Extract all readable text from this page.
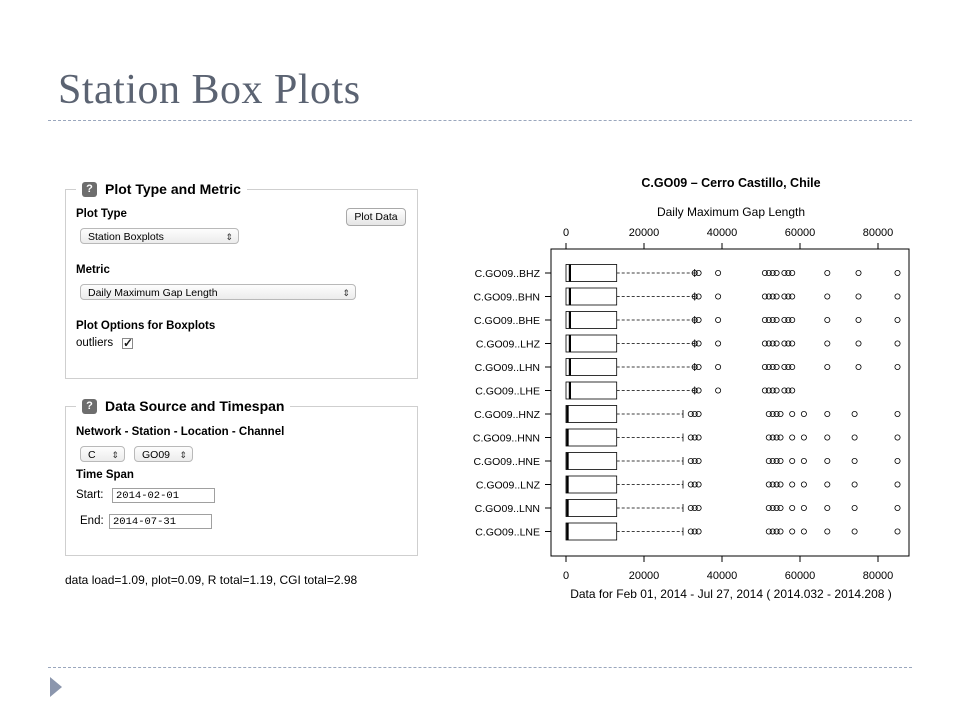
Station Box Plots
? Plot Type and Metric
Plot Type	Plot Data
Station Boxplots	⇕
Metric
Daily Maximum Gap Length	⇕
Plot Options for Boxplots
outliers ✓
? Data Source and Timespan
Network - Station - Location - Channel
C ⇕	GO09 ⇕
Time Span
Start:
2014-02-01
End:
2014-07-31
data load=1.09, plot=0.09, R total=1.19, CGI total=2.98
C.GO09 – Cerro Castillo, Chile
Daily Maximum Gap Length
Data for Feb 01, 2014 - Jul 27, 2014 ( 2014.032 - 2014.208 )
0
0
20000
20000
40000
40000
60000
60000
80000
80000
C.GO09..BHZ
C.GO09..BHN
C.GO09..BHE
C.GO09..LHZ
C.GO09..LHN
C.GO09..LHE
C.GO09..HNZ
C.GO09..HNN
C.GO09..HNE
C.GO09..LNZ
C.GO09..LNN
C.GO09..LNE
